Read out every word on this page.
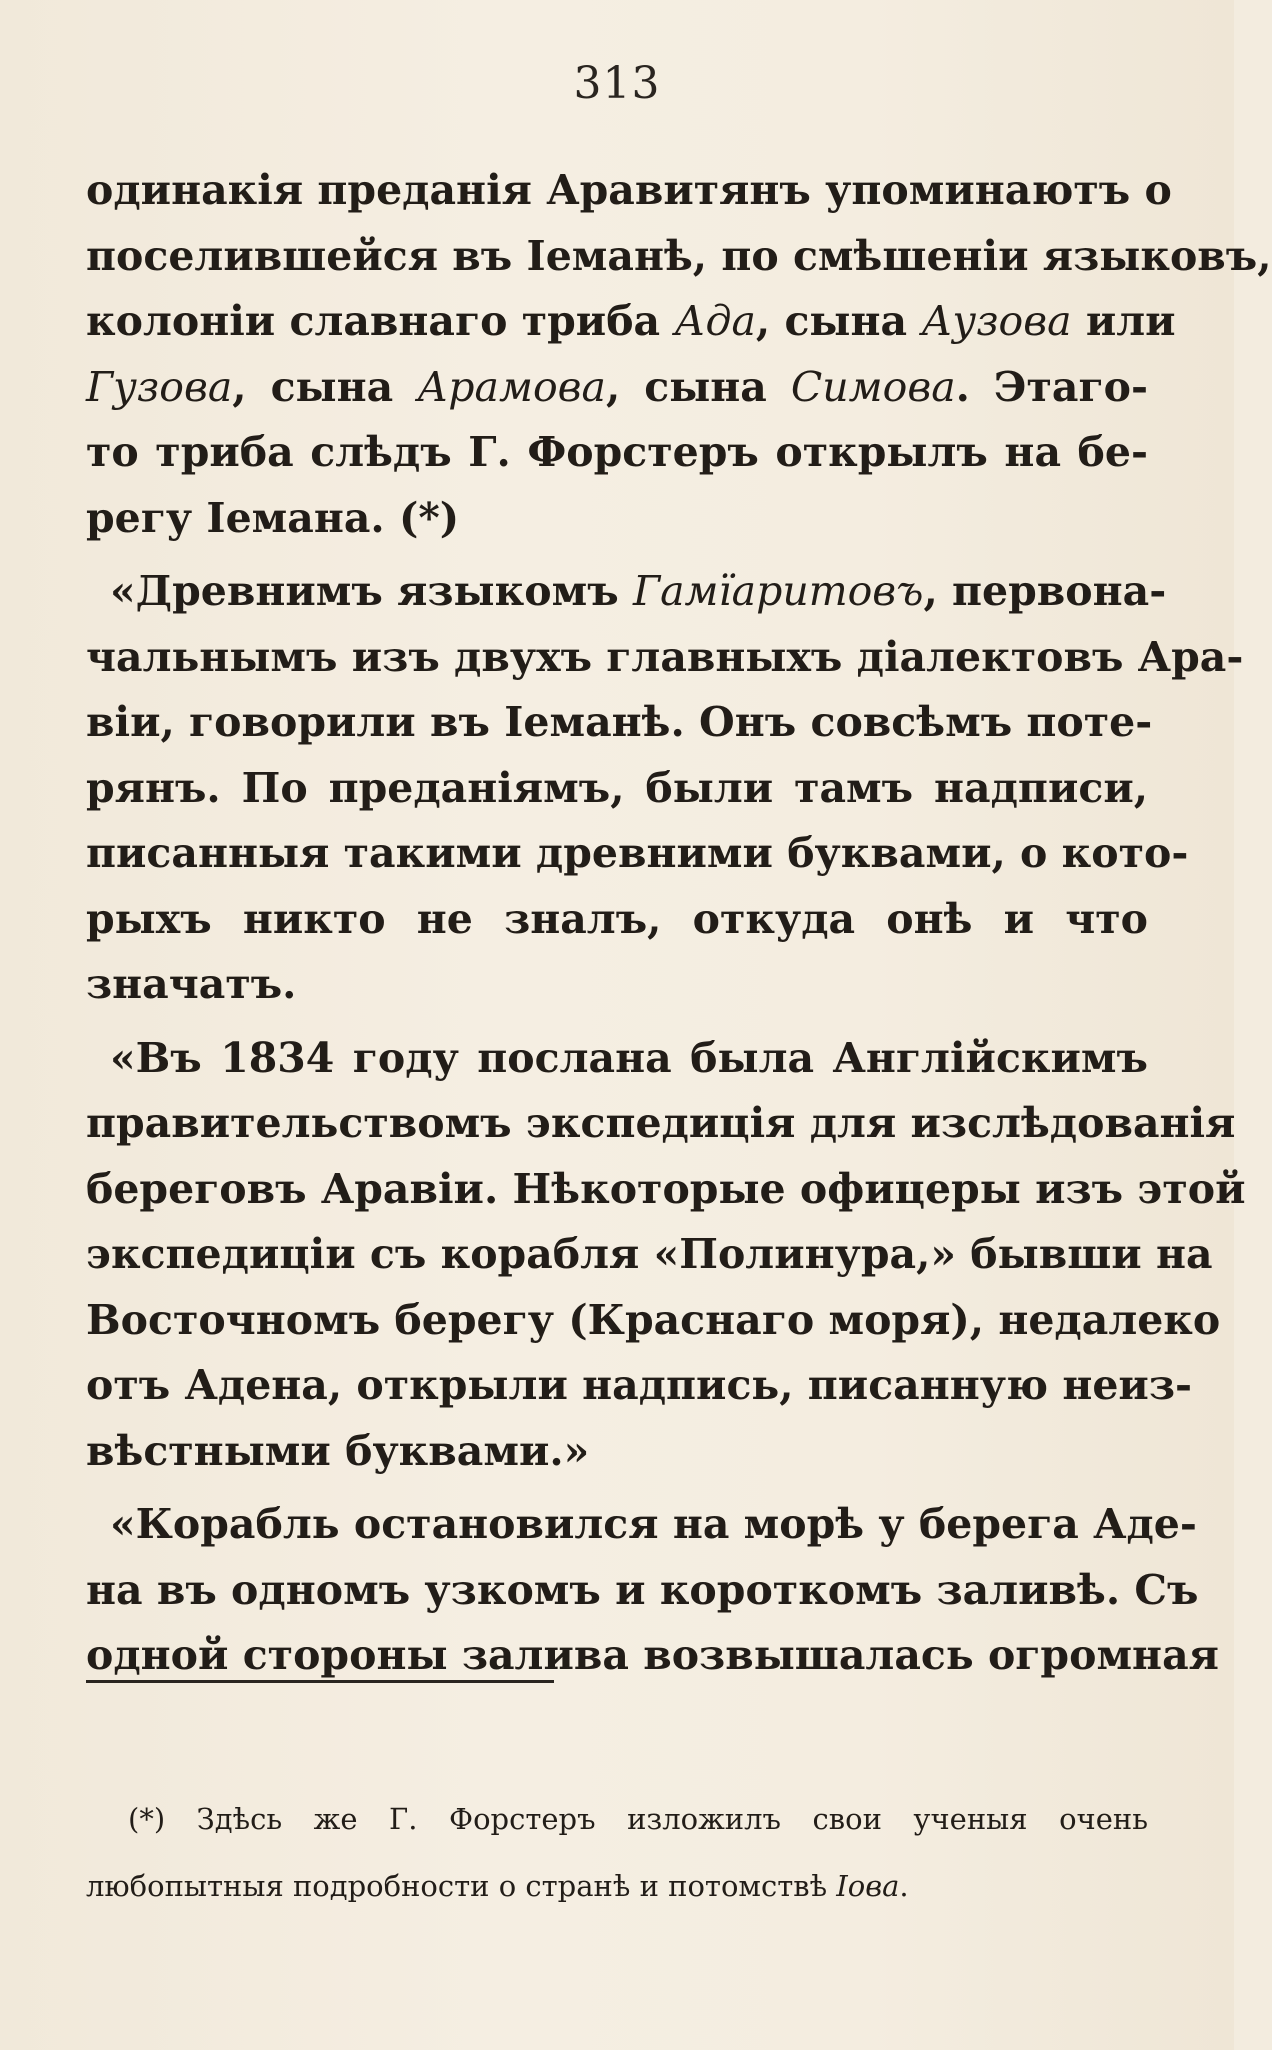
313
одинакія преданія Аравитянъ упоминаютъ о
поселившейся въ Іеманѣ, по смѣшеніи языковъ,
колоніи славнаго триба Ада, сына Аузова или
Гузова, сына Арамова, сына Симова. Этаго-
то триба слѣдъ Г. Форстеръ открылъ на бе-
регу Іемана. (*)
«Древнимъ языкомъ Гамїаритовъ, первона-
чальнымъ изъ двухъ главныхъ діалектовъ Ара-
віи, говорили въ Іеманѣ. Онъ совсѣмъ поте-
рянъ. По преданіямъ, были тамъ надписи,
писанныя такими древними буквами, о кото-
рыхъ никто не зналъ, откуда онѣ и что
значатъ.
«Въ 1834 году послана была Англійскимъ
правительствомъ экспедиція для изслѣдованія
береговъ Аравіи. Нѣкоторые офицеры изъ этой
экспедиціи съ корабля «Полинура,» бывши на
Восточномъ берегу (Краснаго моря), недалеко
отъ Адена, открыли надпись, писанную неиз-
вѣстными буквами.»
«Корабль остановился на морѣ у берега Аде-
на въ одномъ узкомъ и короткомъ заливѣ. Съ
одной стороны залива возвышалась огромная
(*) Здѣсь же Г. Форстеръ изложилъ свои ученыя очень
любопытныя подробности о странѣ и потомствѣ Іова.
